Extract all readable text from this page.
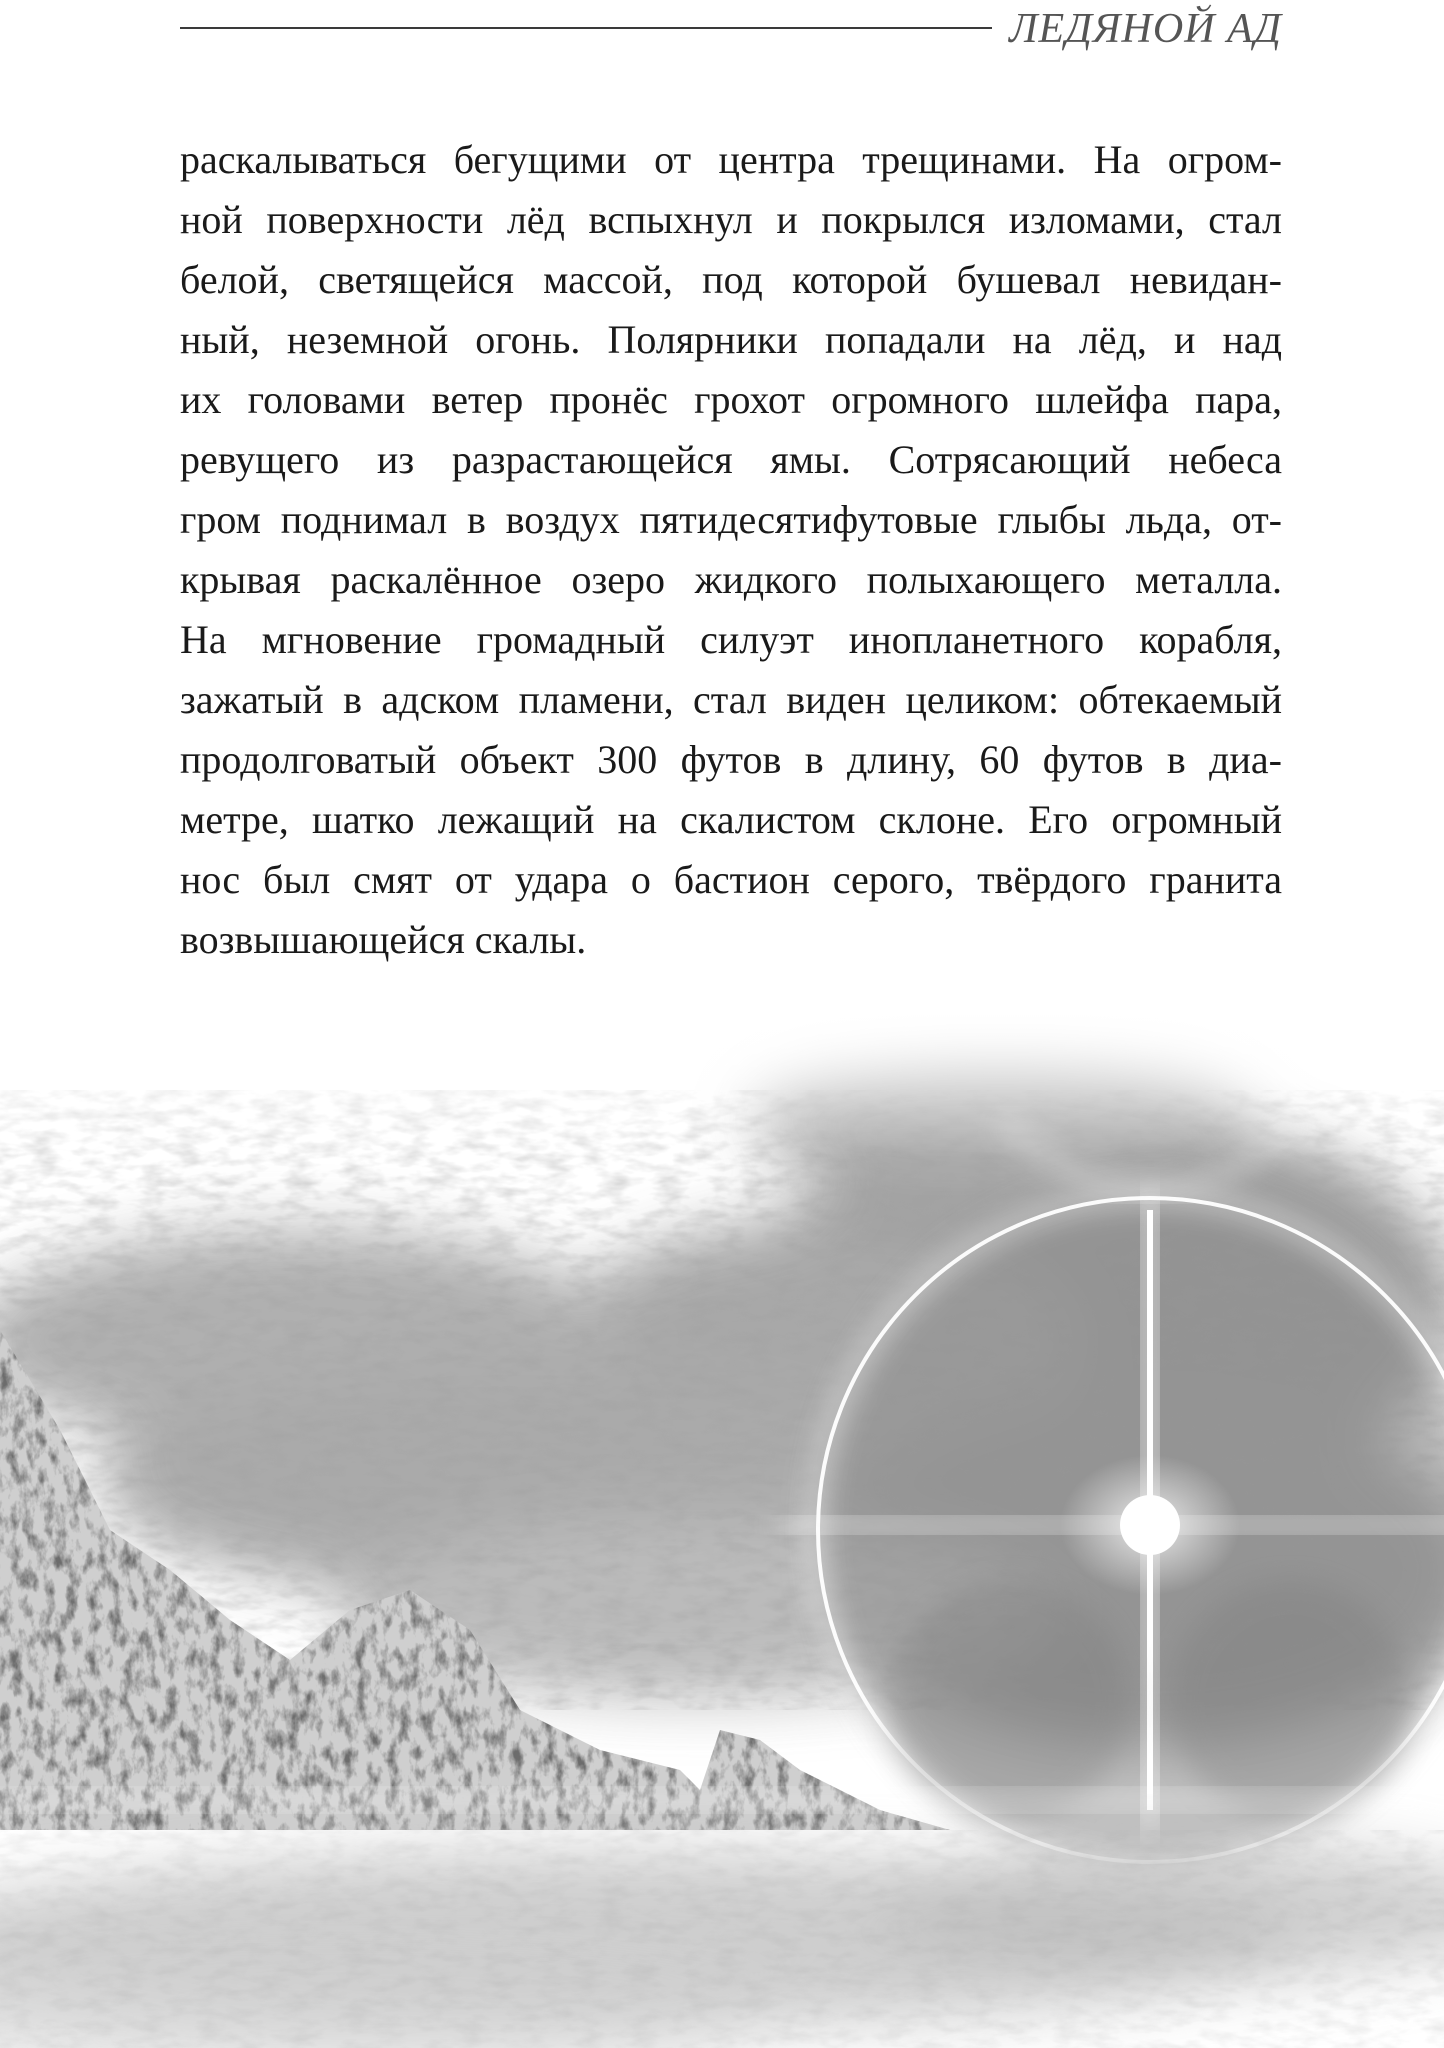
ЛЕДЯНОЙ АД
раскалываться бегущими от центра трещинами. На огром-
ной поверхности лёд вспыхнул и покрылся изломами, стал
белой, светящейся массой, под которой бушевал невидан-
ный, неземной огонь. Полярники попадали на лёд, и над
их головами ветер пронёс грохот огромного шлейфа пара,
ревущего из разрастающейся ямы. Сотрясающий небеса
гром поднимал в воздух пятидесятифутовые глыбы льда, от-
крывая раскалённое озеро жидкого полыхающего металла.
На мгновение громадный силуэт инопланетного корабля,
зажатый в адском пламени, стал виден целиком: обтекаемый
продолговатый объект 300 футов в длину, 60 футов в диа-
метре, шатко лежащий на скалистом склоне. Его огромный
нос был смят от удара о бастион серого, твёрдого гранита
возвышающейся скалы.
